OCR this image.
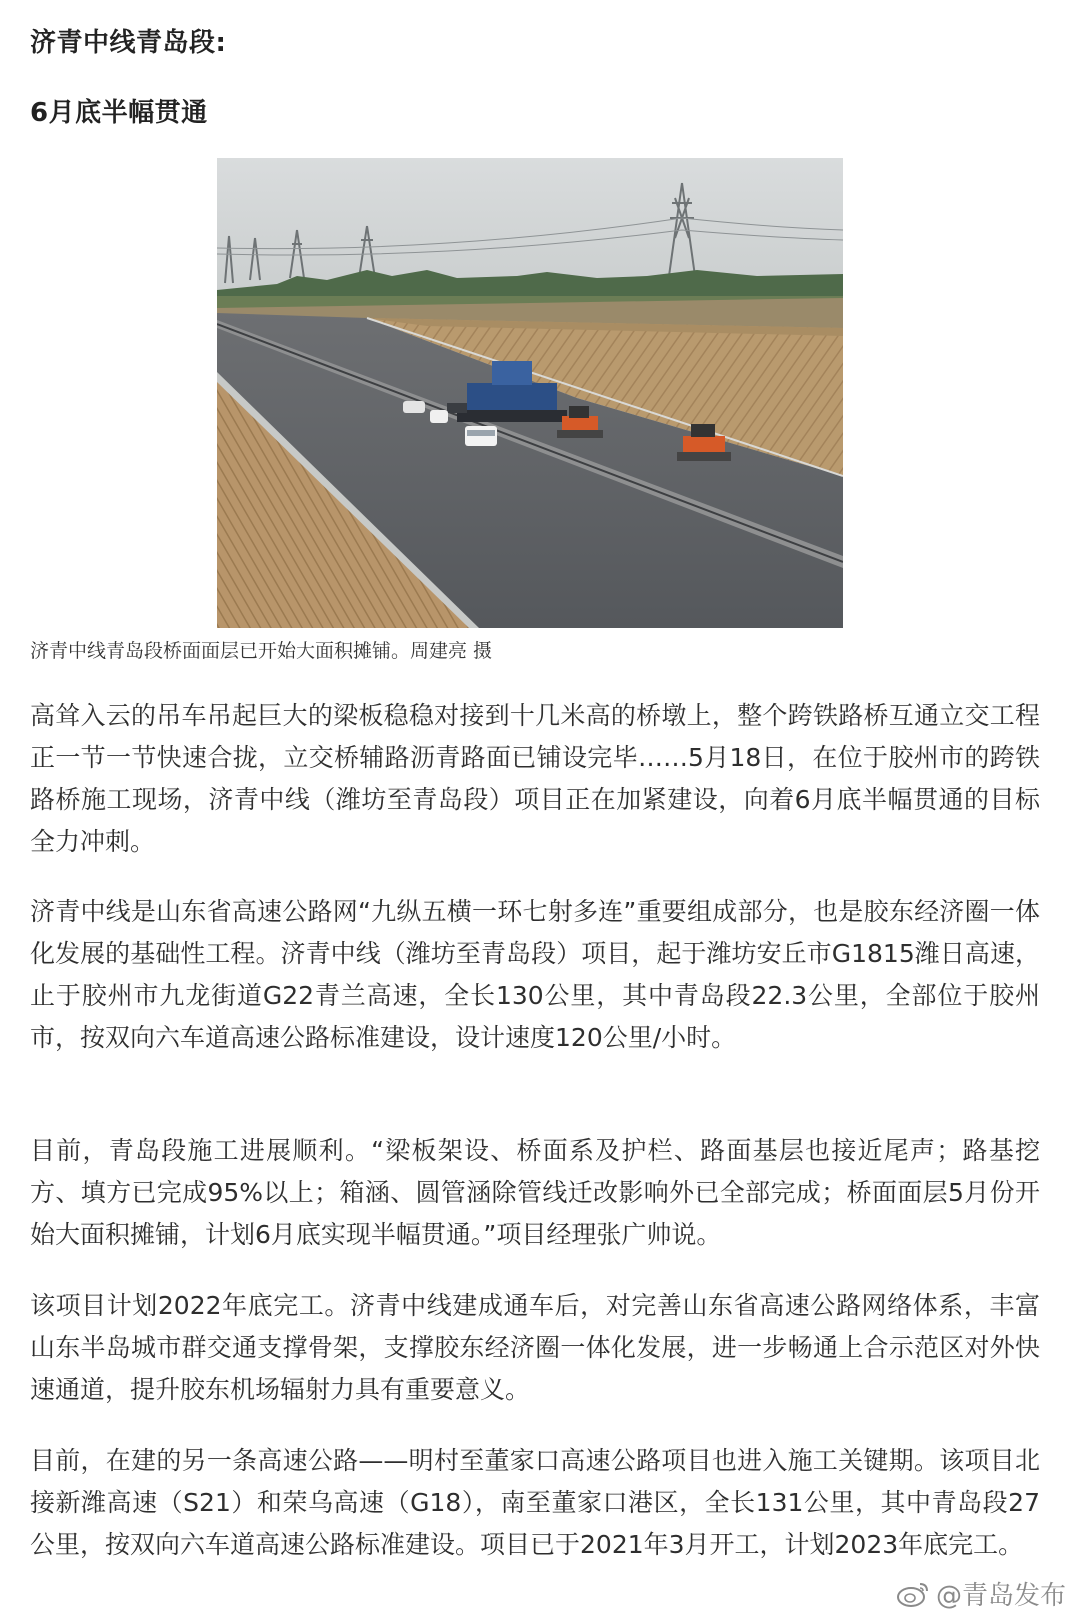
济青中线青岛段:
6月底半幅贯通
济青中线青岛段桥面面层已开始大面积摊铺。周建亮 摄

高耸入云的吊车吊起巨大的梁板稳稳对接到十几米高的桥墩上，整个跨铁路桥互通立交工程正一节一节快速合拢，立交桥辅路沥青路面已铺设完毕……5月18日，在位于胶州市的跨铁路桥施工现场，济青中线（潍坊至青岛段）项目正在加紧建设，向着6月底半幅贯通的目标全力冲刺。

济青中线是山东省高速公路网“九纵五横一环七射多连”重要组成部分，也是胶东经济圈一体化发展的基础性工程。济青中线（潍坊至青岛段）项目，起于潍坊安丘市G1815潍日高速，止于胶州市九龙街道G22青兰高速，全长130公里，其中青岛段22.3公里，全部位于胶州市，按双向六车道高速公路标准建设，设计速度120公里/小时。

目前，青岛段施工进展顺利。“梁板架设、桥面系及护栏、路面基层也接近尾声；路基挖方、填方已完成95%以上；箱涵、圆管涵除管线迁改影响外已全部完成；桥面面层5月份开始大面积摊铺，计划6月底实现半幅贯通。”项目经理张广帅说。

该项目计划2022年底完工。济青中线建成通车后，对完善山东省高速公路网络体系，丰富山东半岛城市群交通支撑骨架，支撑胶东经济圈一体化发展，进一步畅通上合示范区对外快速通道，提升胶东机场辐射力具有重要意义。

目前，在建的另一条高速公路——明村至董家口高速公路项目也进入施工关键期。该项目北接新潍高速（S21）和荣乌高速（G18），南至董家口港区，全长131公里，其中青岛段27公里，按双向六车道高速公路标准建设。项目已于2021年3月开工，计划2023年底完工。

@青岛发布
